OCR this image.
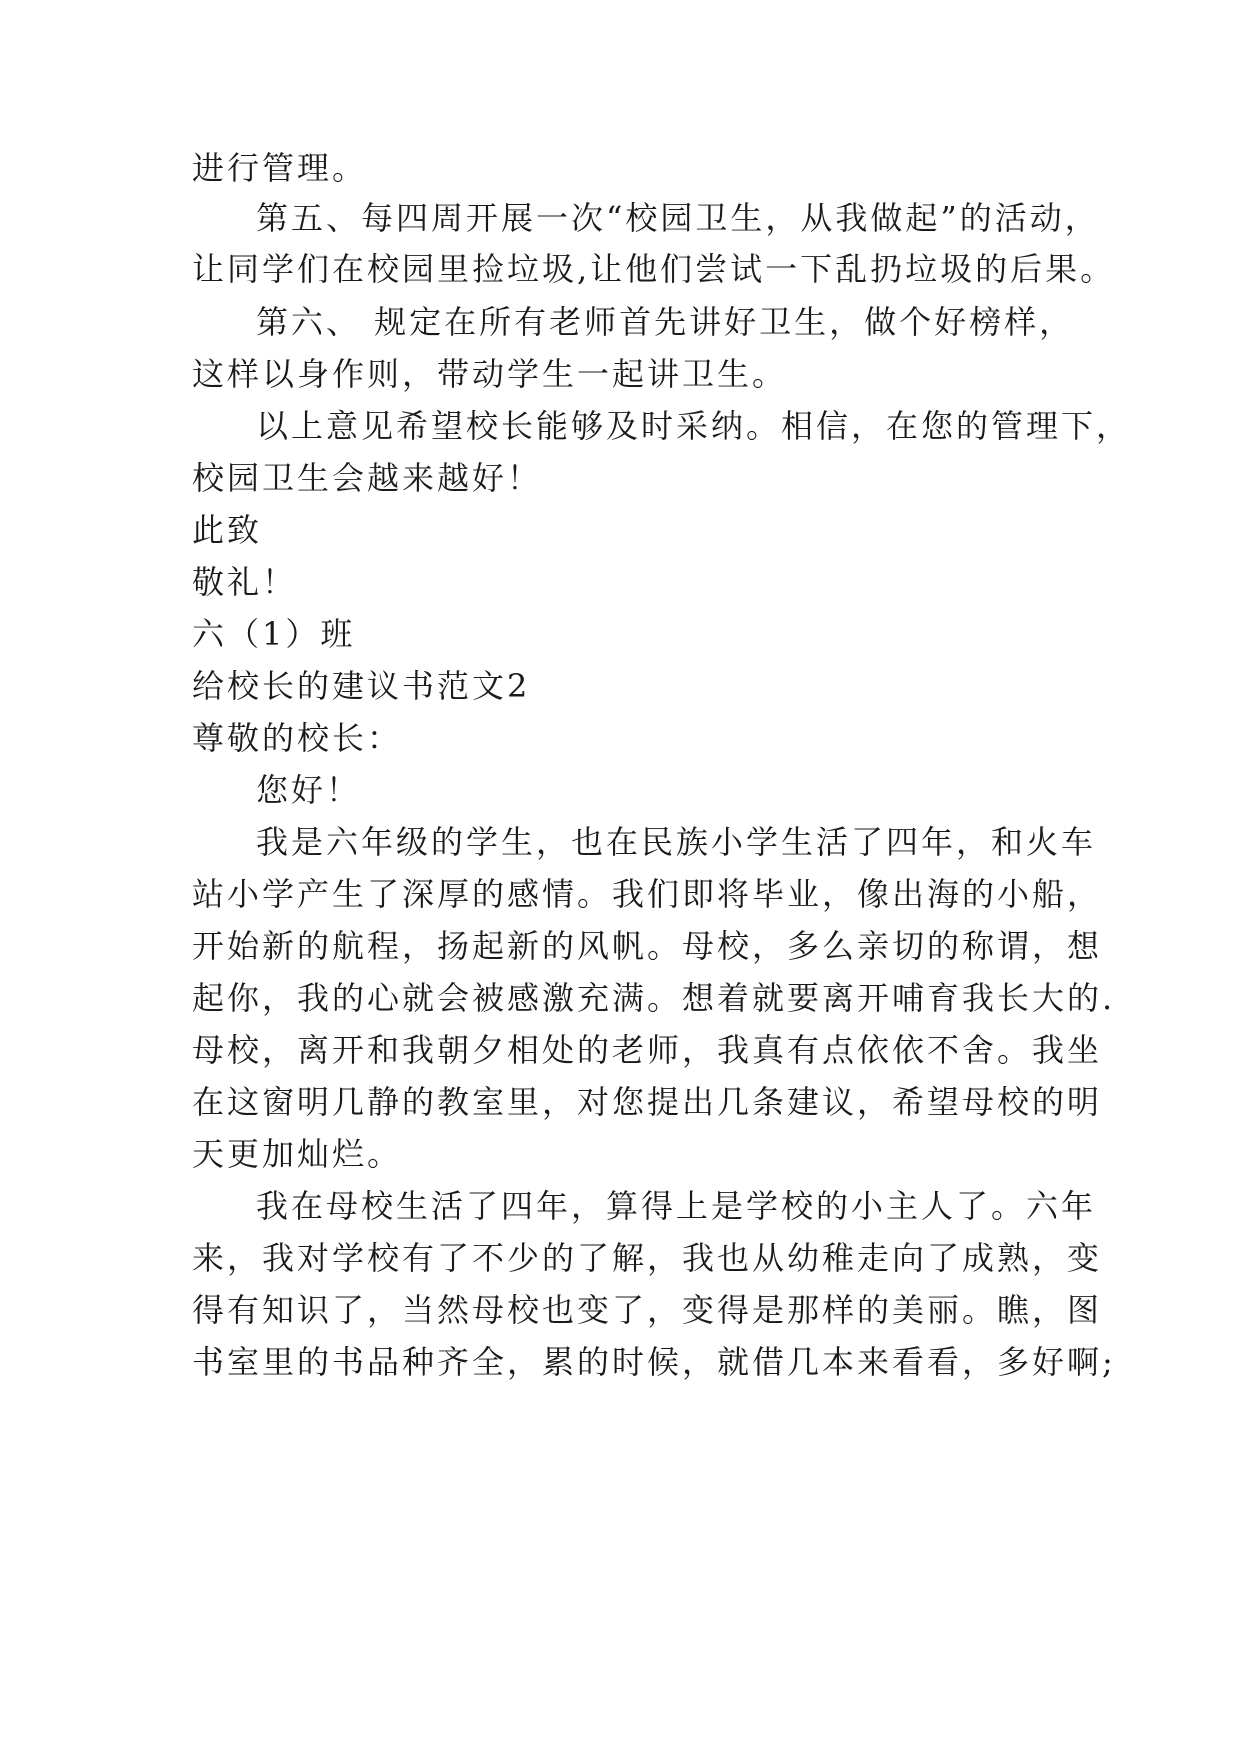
进行管理。
第五、每四周开展一次“校园卫生，从我做起”的活动，
让同学们在校园里捡垃圾,让他们尝试一下乱扔垃圾的后果。
第六、 规定在所有老师首先讲好卫生，做个好榜样，
这样以身作则，带动学生一起讲卫生。
以上意见希望校长能够及时采纳。相信，在您的管理下，
校园卫生会越来越好！
此致
敬礼！
六（1）班
给校长的建议书范文2
尊敬的校长：
您好！
我是六年级的学生，也在民族小学生活了四年，和火车
站小学产生了深厚的感情。我们即将毕业，像出海的小船，
开始新的航程，扬起新的风帆。母校，多么亲切的称谓，想
起你，我的心就会被感激充满。想着就要离开哺育我长大的.
母校，离开和我朝夕相处的老师，我真有点依依不舍。我坐
在这窗明几静的教室里，对您提出几条建议，希望母校的明
天更加灿烂。
我在母校生活了四年，算得上是学校的小主人了。六年
来，我对学校有了不少的了解，我也从幼稚走向了成熟，变
得有知识了，当然母校也变了，变得是那样的美丽。瞧，图
书室里的书品种齐全，累的时候，就借几本来看看，多好啊;
